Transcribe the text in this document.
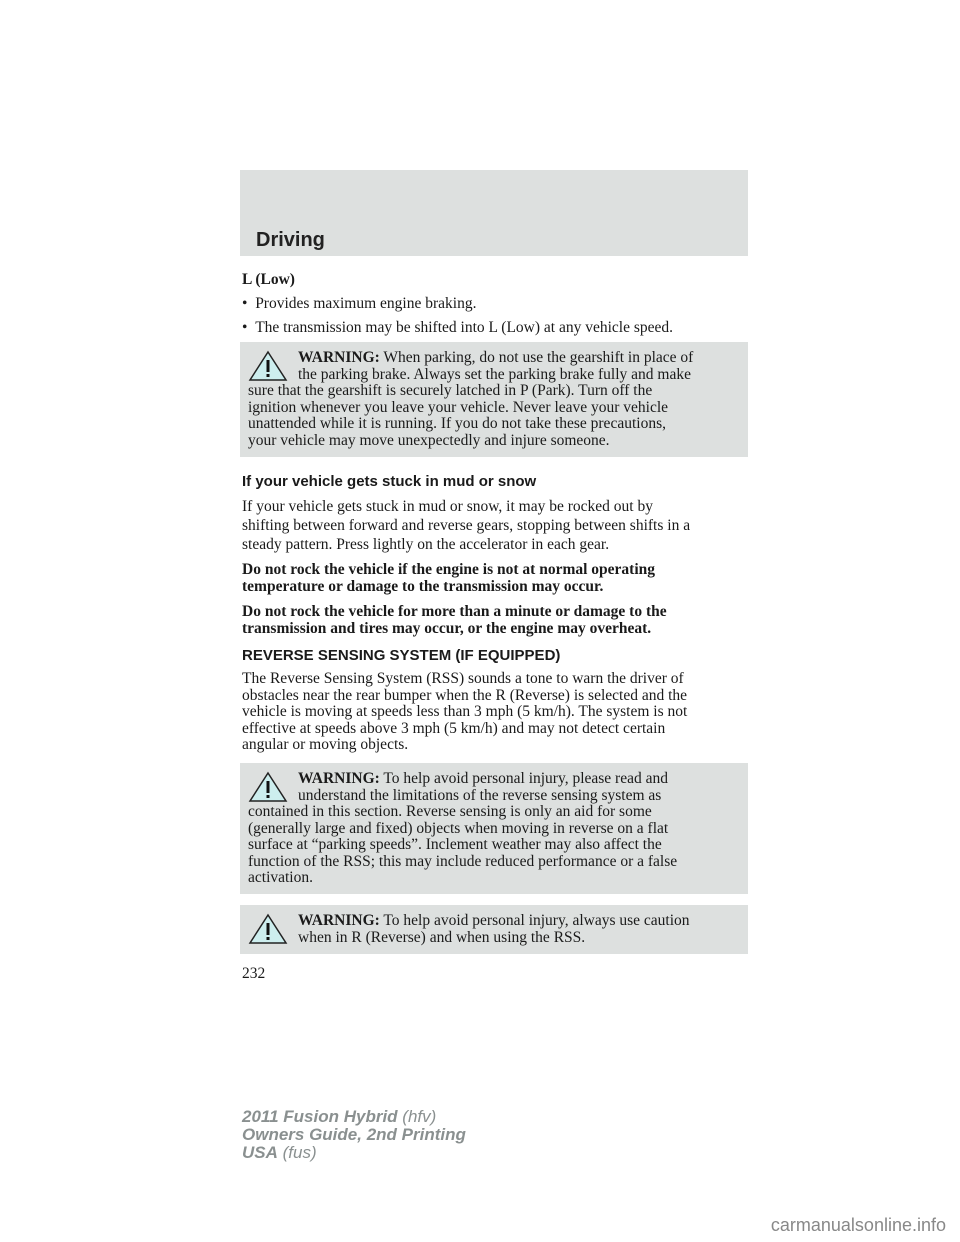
Driving
L (Low)
•  Provides maximum engine braking.
•  The transmission may be shifted into L (Low) at any vehicle speed.
WARNING: When parking, do not use the gearshift in place of
the parking brake. Always set the parking brake fully and make
sure that the gearshift is securely latched in P (Park). Turn off the
ignition whenever you leave your vehicle. Never leave your vehicle
unattended while it is running. If you do not take these precautions,
your vehicle may move unexpectedly and injure someone.
If your vehicle gets stuck in mud or snow
If your vehicle gets stuck in mud or snow, it may be rocked out by
shifting between forward and reverse gears, stopping between shifts in a
steady pattern. Press lightly on the accelerator in each gear.
Do not rock the vehicle if the engine is not at normal operating
temperature or damage to the transmission may occur.
Do not rock the vehicle for more than a minute or damage to the
transmission and tires may occur, or the engine may overheat.
REVERSE SENSING SYSTEM (IF EQUIPPED)
The Reverse Sensing System (RSS) sounds a tone to warn the driver of
obstacles near the rear bumper when the R (Reverse) is selected and the
vehicle is moving at speeds less than 3 mph (5 km/h). The system is not
effective at speeds above 3 mph (5 km/h) and may not detect certain
angular or moving objects.
WARNING: To help avoid personal injury, please read and
understand the limitations of the reverse sensing system as
contained in this section. Reverse sensing is only an aid for some
(generally large and fixed) objects when moving in reverse on a flat
surface at “parking speeds”. Inclement weather may also affect the
function of the RSS; this may include reduced performance or a false
activation.
WARNING: To help avoid personal injury, always use caution
when in R (Reverse) and when using the RSS.
232
2011 Fusion Hybrid (hfv)
Owners Guide, 2nd Printing
USA (fus)
carmanualsonline.info
